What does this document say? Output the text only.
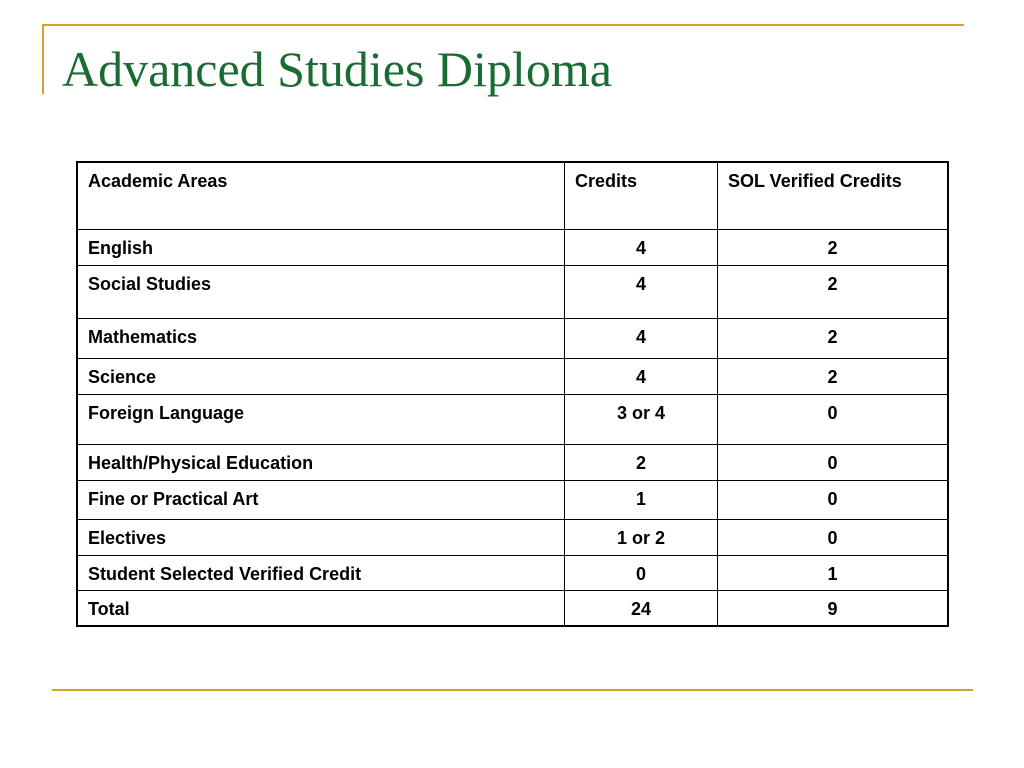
Advanced Studies Diploma
Academic Areas	Credits	SOL Verified Credits
English	4	2
Social Studies	4	2
Mathematics	4	2
Science	4	2
Foreign Language	3 or 4	0
Health/Physical Education	2	0
Fine or Practical Art	1	0
Electives	1 or 2	0
Student Selected Verified Credit	0	1
Total	24	9
